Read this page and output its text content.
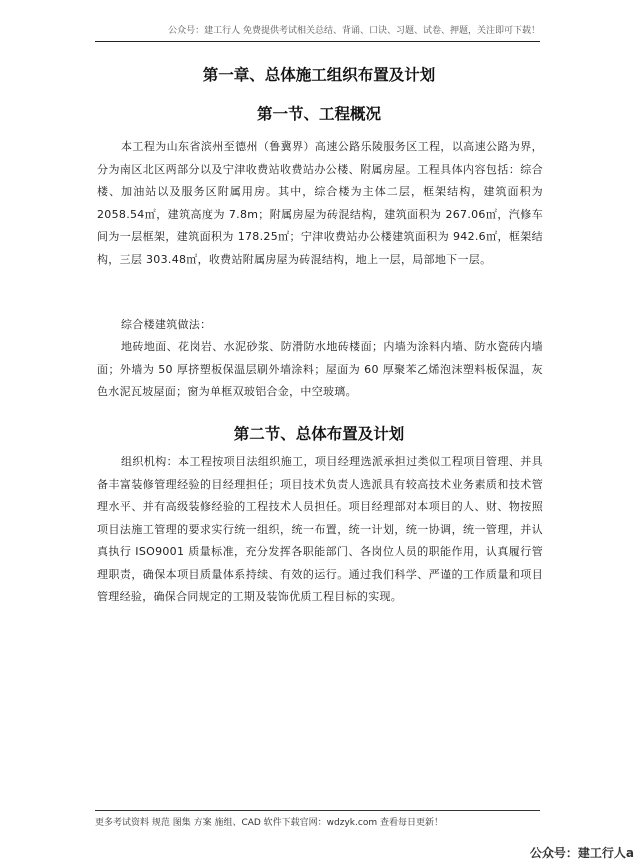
公众号：建工行人 免费提供考试相关总结、背诵、口诀、习题、试卷、押题，关注即可下载！
第一章、总体施工组织布置及计划
第一节、工程概况

本工程为山东省滨州至德州（鲁冀界）高速公路乐陵服务区工程，以高速公路为界，分为南区北区两部分以及宁津收费站收费站办公楼、附属房屋。工程具体内容包括：综合楼、加油站以及服务区附属用房。其中，综合楼为主体二层，框架结构，建筑面积为 2058.54㎡，建筑高度为 7.8m；附属房屋为砖混结构，建筑面积为 267.06㎡，汽修车间为一层框架，建筑面积为 178.25㎡；宁津收费站办公楼建筑面积为 942.6㎡，框架结构，三层 303.48㎡，收费站附属房屋为砖混结构，地上一层，局部地下一层。

综合楼建筑做法：

地砖地面、花岗岩、水泥砂浆、防滑防水地砖楼面；内墙为涂料内墙、防水瓷砖内墙面；外墙为 50 厚挤塑板保温层刷外墙涂料；屋面为 60 厚聚苯乙烯泡沫塑料板保温，灰色水泥瓦坡屋面；窗为单框双玻铝合金，中空玻璃。

第二节、总体布置及计划

组织机构：本工程按项目法组织施工，项目经理选派承担过类似工程项目管理、并具备丰富装修管理经验的目经理担任；项目技术负责人选派具有较高技术业务素质和技术管理水平、并有高级装修经验的工程技术人员担任。项目经理部对本项目的人、财、物按照项目法施工管理的要求实行统一组织，统一布置，统一计划，统一协调，统一管理，并认真执行 ISO9001 质量标准，充分发挥各职能部门、各岗位人员的职能作用，认真履行管理职责，确保本项目质量体系持续、有效的运行。通过我们科学、严谨的工作质量和项目管理经验，确保合同规定的工期及装饰优质工程目标的实现。

更多考试资料 规范 图集 方案 施组、CAD 软件下载官网：wdzyk.com 查看每日更新！
公众号：建工行人a
